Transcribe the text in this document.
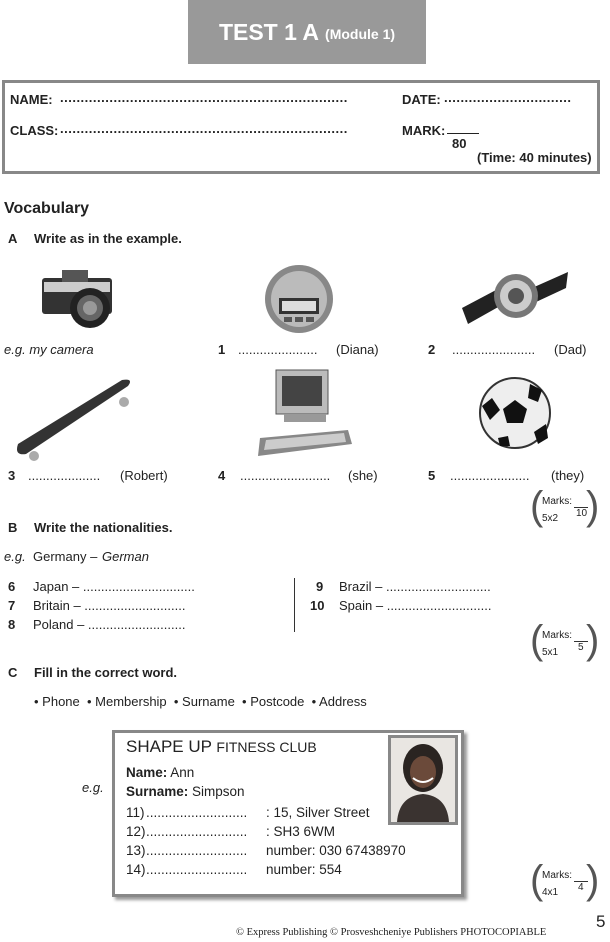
TEST 1 A (Module 1)
NAME: ......................................................................	DATE: ...............................
CLASS: ......................................................................	MARK:
80
(Time: 40 minutes)
Vocabulary
A Write as in the example.
e.g. my camera	1 ...................... (Diana)	2 ....................... (Dad)
3 .................... (Robert)	4 ......................... (she)	5 ...................... (they)
(
Marks:
10
5x2 )
B Write the nationalities.
e.g. Germany – German
6 Japan – ...............................
7 Britain – ............................
8 Poland – ...........................
9 Brazil – .............................
10 Spain – .............................
(
Marks:
5
5x1 )
C Fill in the correct word.
• Phone  • Membership  • Surname  • Postcode  • Address
e.g.
SHAPE UP FITNESS CLUB
Name: Ann
Surname: Simpson
11) ........................... : 15, Silver Street
12) ........................... : SH3 6WM
13) ........................... number: 030 67438970
14) ........................... number: 554	(
Marks:
4
4x1 )
© Express Publishing © Prosveshcheniye Publishers PHOTOCOPIABLE
5
